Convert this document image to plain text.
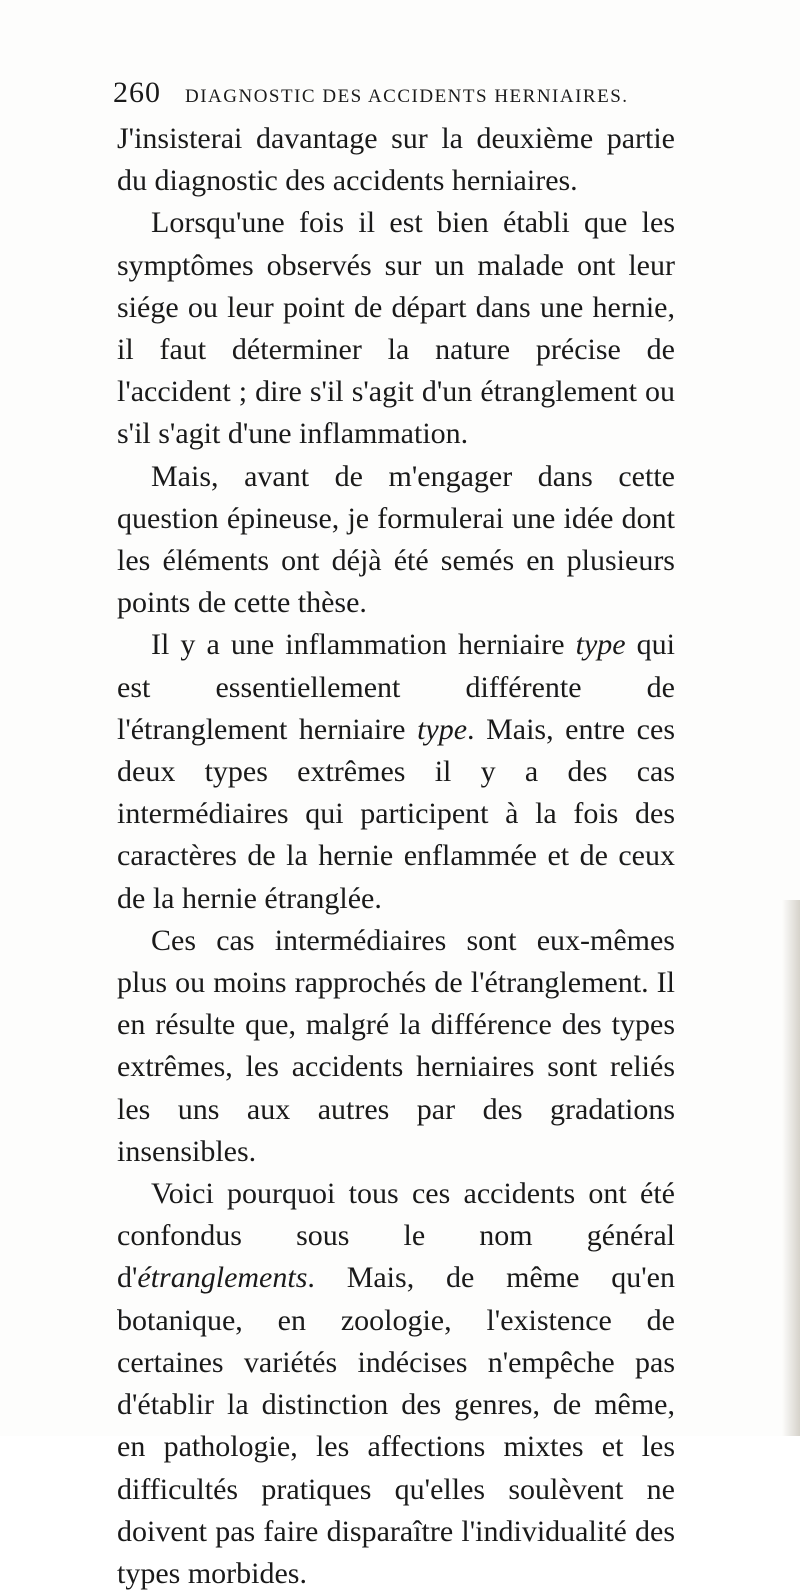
260 DIAGNOSTIC DES ACCIDENTS HERNIAIRES.

J'insisterai davantage sur la deuxième partie du diagnostic des accidents herniaires.

Lorsqu'une fois il est bien établi que les symptômes observés sur un malade ont leur siége ou leur point de départ dans une hernie, il faut déterminer la nature précise de l'accident ; dire s'il s'agit d'un étranglement ou s'il s'agit d'une inflammation.

Mais, avant de m'engager dans cette question épineuse, je formulerai une idée dont les éléments ont déjà été semés en plusieurs points de cette thèse.

Il y a une inflammation herniaire type qui est essentiellement différente de l'étranglement herniaire type. Mais, entre ces deux types extrêmes il y a des cas intermédiaires qui participent à la fois des caractères de la hernie enflammée et de ceux de la hernie étranglée.

Ces cas intermédiaires sont eux-mêmes plus ou moins rapprochés de l'étranglement. Il en résulte que, malgré la différence des types extrêmes, les accidents herniaires sont reliés les uns aux autres par des gradations insensibles.

Voici pourquoi tous ces accidents ont été confondus sous le nom général d'étranglements. Mais, de même qu'en botanique, en zoologie, l'existence de certaines variétés indécises n'empêche pas d'établir la distinction des genres, de même, en pathologie, les affections mixtes et les difficultés pratiques qu'elles soulèvent ne doivent pas faire disparaître l'individualité des types morbides.
